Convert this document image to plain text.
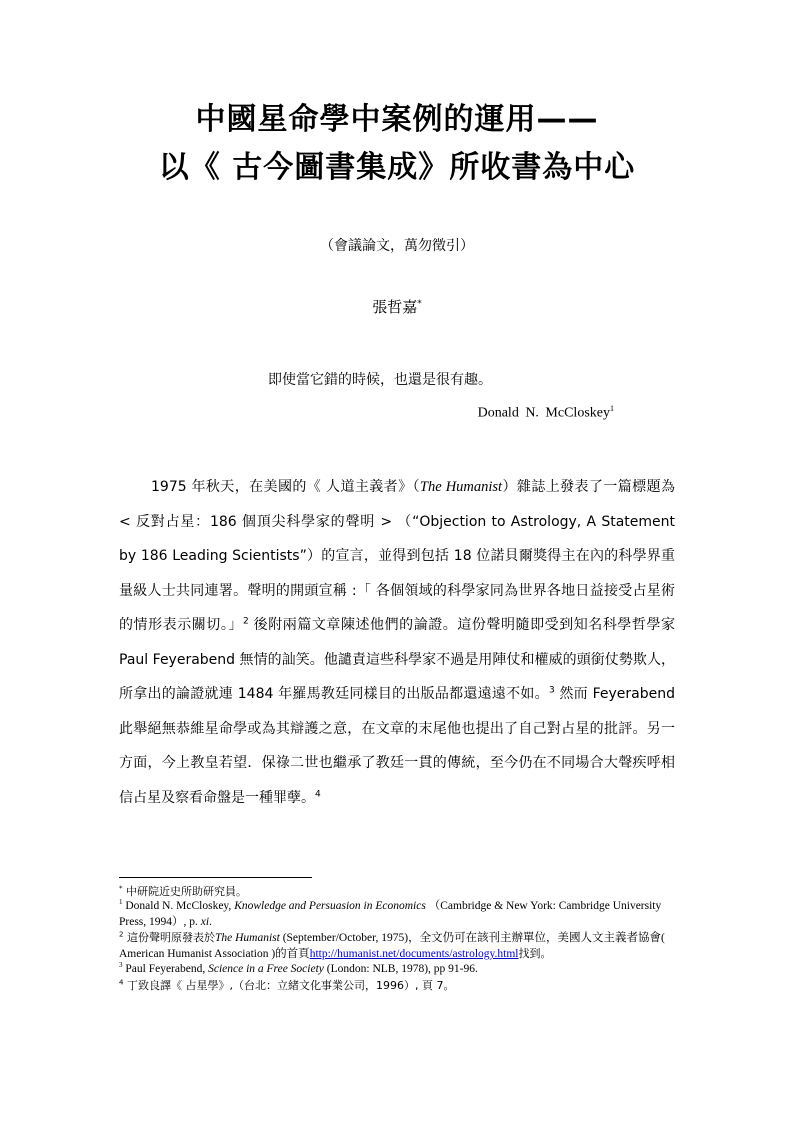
中國星命學中案例的運用——
以《 古今圖書集成》所收書為中心
（會議論文，萬勿徵引）
張哲嘉*
即使當它錯的時候，也還是很有趣。
Donald N. McCloskey$^1$

1975 年秋天，在美國的《 人道主義者》（The Humanist）雜誌上發表了一篇標題為 < 反對占星：186 個頂尖科學家的聲明 > （“Objection to Astrology, A Statement by 186 Leading Scientists”）的宣言，並得到包括 18 位諾貝爾獎得主在內的科學界重量級人士共同連署。聲明的開頭宣稱 :「 各個領域的科學家同為世界各地日益接受占星術的情形表示關切。」$^2$ 後附兩篇文章陳述他們的論證。這份聲明隨即受到知名科學哲學家 Paul Feyerabend 無情的訕笑。他譴責這些科學家不過是用陣仗和權威的頭銜仗勢欺人，所拿出的論證就連 1484 年羅馬教廷同樣目的出版品都還遠遠不如。$^3$ 然而 Feyerabend 此舉絕無恭維星命學或為其辯護之意，在文章的末尾他也提出了自己對占星的批評。另一方面，今上教皇若望．保祿二世也繼承了教廷一貫的傳統，至今仍在不同場合大聲疾呼相信占星及察看命盤是一種罪孽。$^4$

* 中研院近史所助研究員。

$^1$ Donald N. McCloskey, Knowledge and Persuasion in Economics （Cambridge & New York: Cambridge University Press, 1994）, p. xi.

$^2$ 這份聲明原發表於The Humanist (September/October, 1975)，全文仍可在該刊主辦單位，美國人文主義者協會( American Humanist Association )的首頁http://humanist.net/documents/astrology.html找到。

$^3$ Paul Feyerabend, Science in a Free Society (London: NLB, 1978), pp 91-96.

$^4$ 丁致良譯《 占星學》,（台北：立緒文化事業公司，1996）, 頁 7。
